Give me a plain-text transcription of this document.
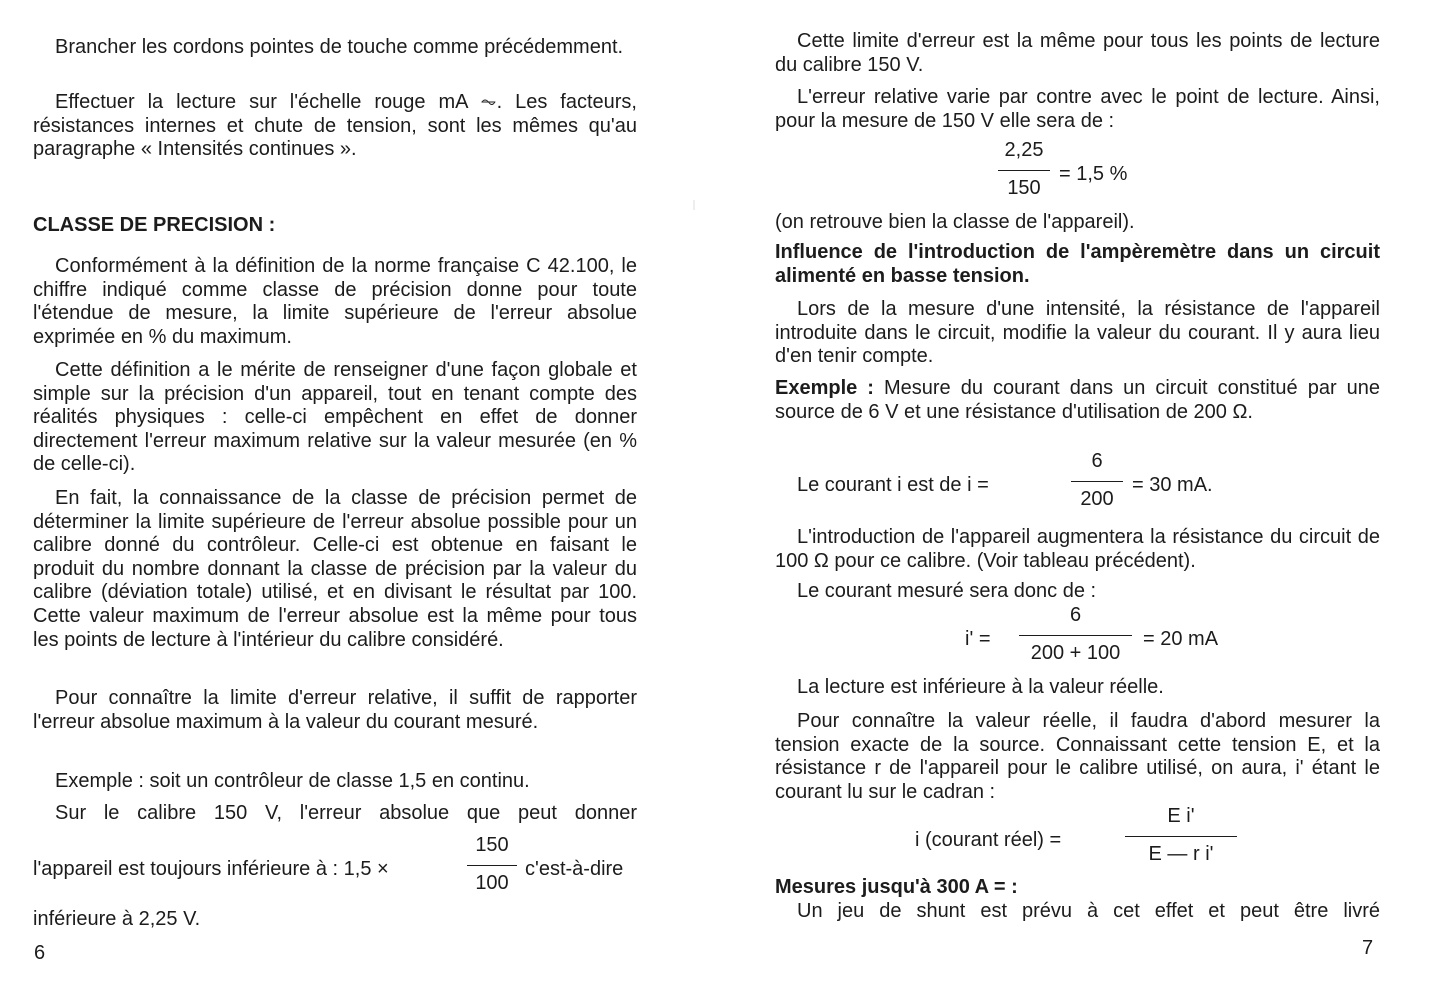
Brancher les cordons pointes de touche comme précédemment.

Effectuer la lecture sur l'échelle rouge mA ⏦. Les facteurs, résistances internes et chute de tension, sont les mêmes qu'au paragraphe « Intensités continues ».

CLASSE DE PRECISION :

Conformément à la définition de la norme française C 42.100, le chiffre indiqué comme classe de précision donne pour toute l'étendue de mesure, la limite supérieure de l'erreur absolue exprimée en % du maximum.

Cette définition a le mérite de renseigner d'une façon globale et simple sur la précision d'un appareil, tout en tenant compte des réalités physiques : celle-ci empêchent en effet de donner directement l'erreur maximum relative sur la valeur mesurée (en % de celle-ci).

En fait, la connaissance de la classe de précision permet de déterminer la limite supérieure de l'erreur absolue possible pour un calibre donné du contrôleur. Celle-ci est obtenue en faisant le produit du nombre donnant la classe de précision par la valeur du calibre (déviation totale) utilisé, et en divisant le résultat par 100. Cette valeur maximum de l'erreur absolue est la même pour tous les points de lecture à l'intérieur du calibre considéré.

Pour connaître la limite d'erreur relative, il suffit de rapporter l'erreur absolue maximum à la valeur du courant mesuré.

Exemple : soit un contrôleur de classe 1,5 en continu.

Sur le calibre 150 V, l'erreur absolue que peut donner

l'appareil est toujours inférieure à : 1,5 ×
150
100
c'est-à-dire

inférieure à 2,25 V.

6

Cette limite d'erreur est la même pour tous les points de lecture du calibre 150 V.

L'erreur relative varie par contre avec le point de lecture. Ainsi, pour la mesure de 150 V elle sera de :

2,25
150
= 1,5 %

(on retrouve bien la classe de l'appareil).

Influence de l'introduction de l'ampèremètre dans un circuit alimenté en basse tension.

Lors de la mesure d'une intensité, la résistance de l'appareil introduite dans le circuit, modifie la valeur du courant. Il y aura lieu d'en tenir compte.

Exemple : Mesure du courant dans un circuit constitué par une source de 6 V et une résistance d'utilisation de 200 Ω.

Le courant i est de i =
6
200
= 30 mA.

L'introduction de l'appareil augmentera la résistance du circuit de 100 Ω pour ce calibre. (Voir tableau précédent).

Le courant mesuré sera donc de :

i' =
6
200 + 100
= 20 mA

La lecture est inférieure à la valeur réelle.

Pour connaître la valeur réelle, il faudra d'abord mesurer la tension exacte de la source. Connaissant cette tension E, et la résistance r de l'appareil pour le calibre utilisé, on aura, i' étant le courant lu sur le cadran :

i (courant réel) =
E i'
E — r i'

Mesures jusqu'à 300 A = :

Un jeu de shunt est prévu à cet effet et peut être livré

7
